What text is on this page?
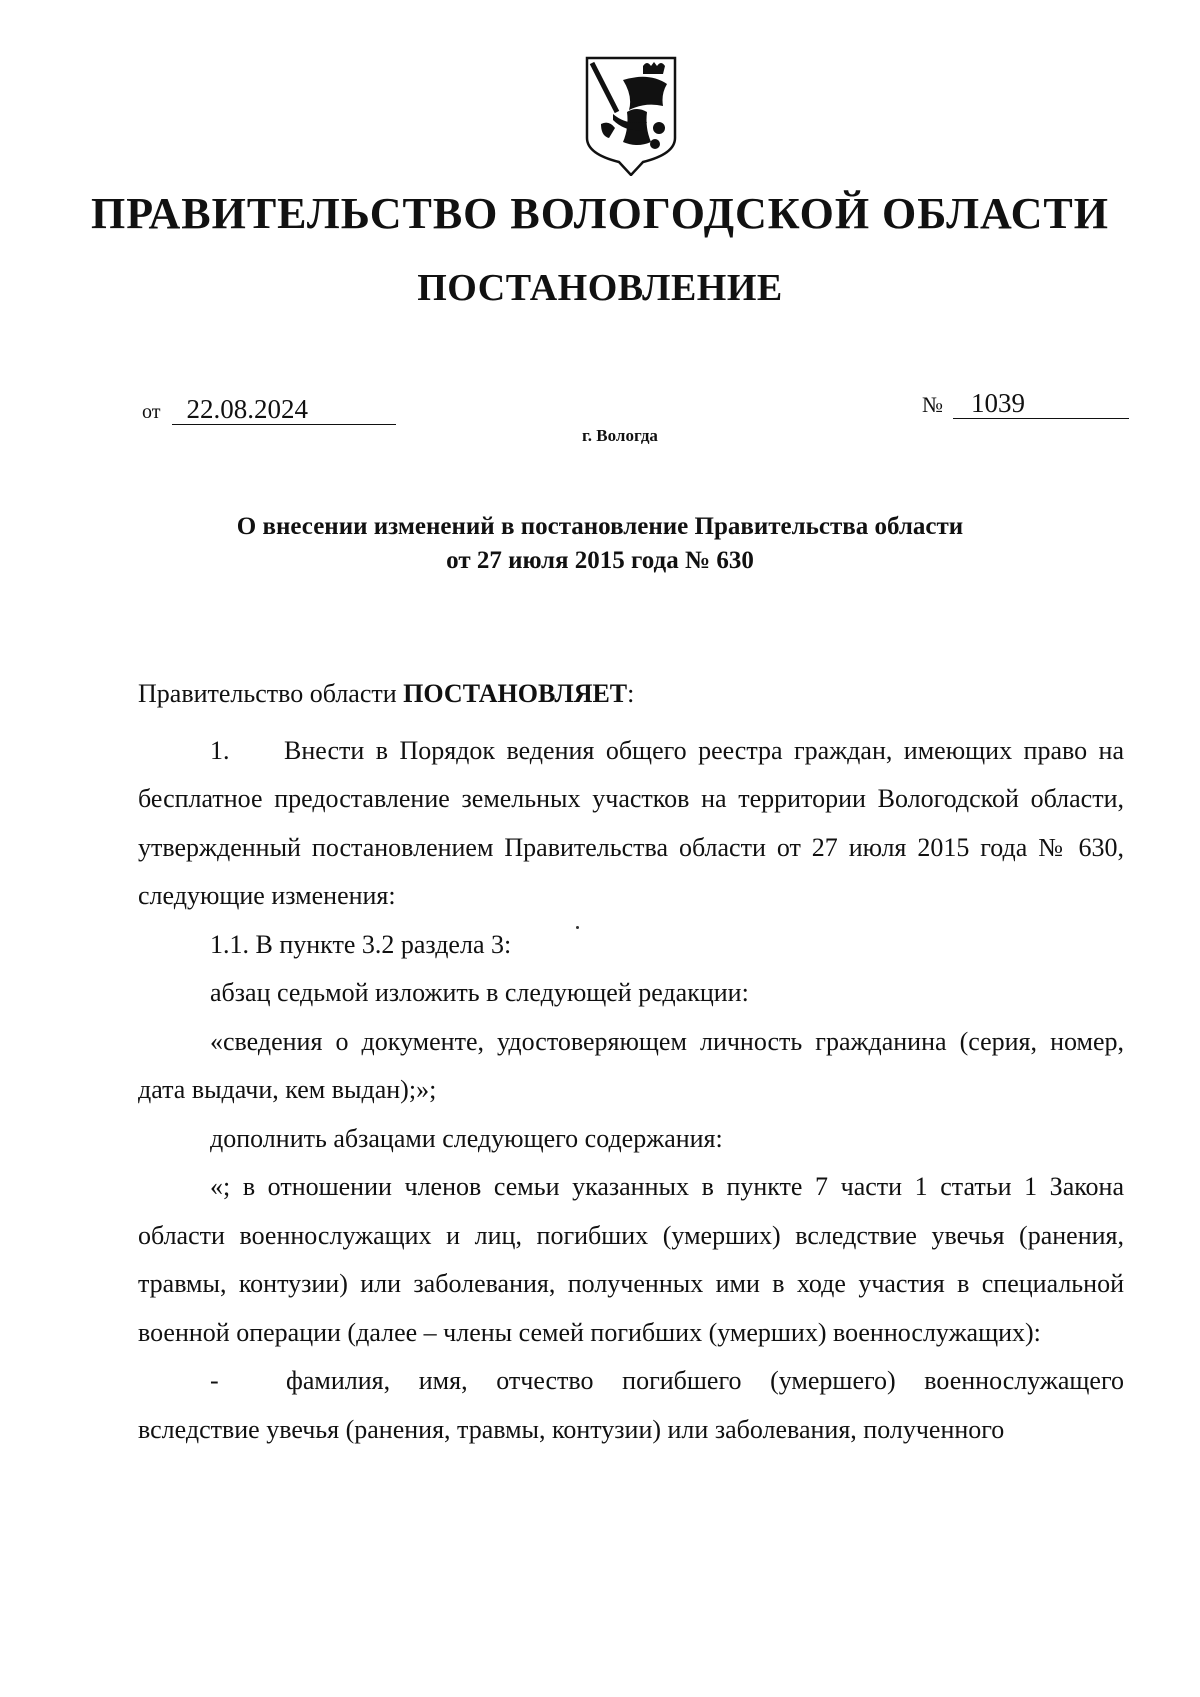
ПРАВИТЕЛЬСТВО ВОЛОГОДСКОЙ ОБЛАСТИ
ПОСТАНОВЛЕНИЕ
от 22.08.2024	№ 1039
г. Вологда
О внесении изменений в постановление Правительства области
от 27 июля 2015 года № 630

Правительство области ПОСТАНОВЛЯЕТ:

1. Внести в Порядок ведения общего реестра граждан, имеющих право на бесплатное предоставление земельных участков на территории Вологодской области, утвержденный постановлением Правительства области от 27 июля 2015 года № 630, следующие изменения:

1.1. В пункте 3.2 раздела 3:

абзац седьмой изложить в следующей редакции:

«сведения о документе, удостоверяющем личность гражданина (серия, номер, дата выдачи, кем выдан);»;

дополнить абзацами следующего содержания:

«; в отношении членов семьи указанных в пункте 7 части 1 статьи 1 Закона области военнослужащих и лиц, погибших (умерших) вследствие увечья (ранения, травмы, контузии) или заболевания, полученных ими в ходе участия в специальной военной операции (далее – члены семей погибших (умерших) военнослужащих):

-	фамилия, имя, отчество погибшего (умершего) военнослужащего вследствие увечья (ранения, травмы, контузии) или заболевания, полученного
